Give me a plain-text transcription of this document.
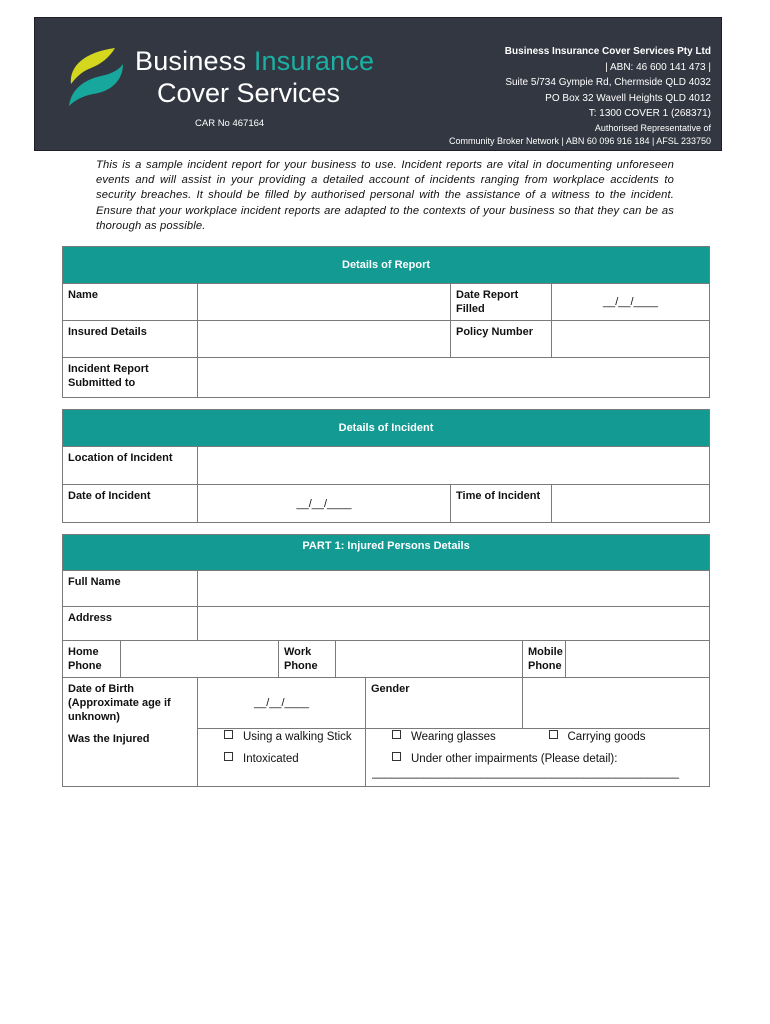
Business Insurance
Cover Services
CAR No 467164
Business Insurance Cover Services Pty Ltd
| ABN: 46 600 141 473 |
Suite 5/734 Gympie Rd, Chermside QLD 4032
PO Box 32 Wavell Heights QLD 4012
T: 1300 COVER 1 (268371)
Authorised Representative of
Community Broker Network | ABN 60 096 916 184 | AFSL 233750
This is a sample incident report for your business to use. Incident reports are vital in documenting unforeseen events and will assist in your providing a detailed account of incidents ranging from workplace accidents to security breaches. It should be filled by authorised personal with the assistance of a witness to the incident. Ensure that your workplace incident reports are adapted to the contexts of your business so that they can be as thorough as possible.
Details of Report			
Name		Date Report Filled	__/__/____
Insured Details		Policy Number	
Incident Report Submitted to			
Details of Incident			
Location of Incident			
Date of Incident	__/__/____	Time of Incident	
PART 1: Injured Persons Details							
Full Name							
Address							
Home Phone			Work Phone			Mobile Phone	
Date of Birth (Approximate age if unknown)		__/__/____			Gender		
Was the Injured		Using a walking Stick			Wearing glasses	Carrying goods	
		Intoxicated			Under other impairments (Please detail):
________________________________________________		
